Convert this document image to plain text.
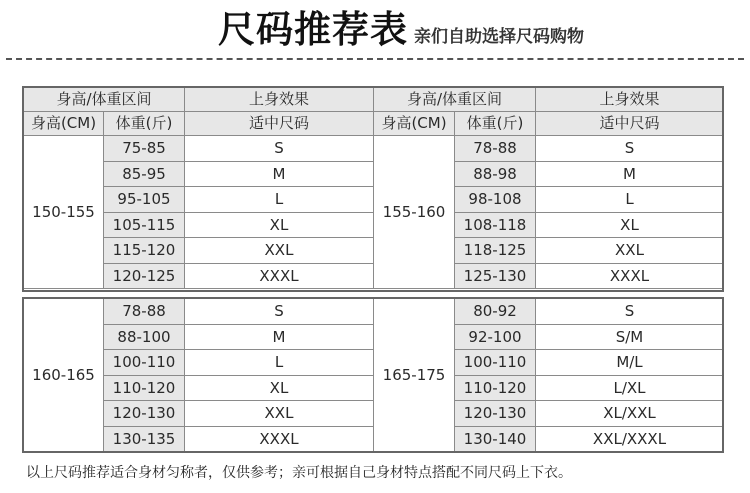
尺码推荐表 亲们自助选择尺码购物
身高/体重区间		上身效果	身高/体重区间		上身效果
身高(CM)	体重(斤)	适中尺码	身高(CM)	体重(斤)	适中尺码
150-155	75-85	S	155-160	78-88	S
	85-95	M		88-98	M
	95-105	L		98-108	L
	105-115	XL		108-118	XL
	115-120	XXL		118-125	XXL
	120-125	XXXL		125-130	XXXL
160-165	78-88	S	165-175	80-92	S
	88-100	M		92-100	S/M
	100-110	L		100-110	M/L
	110-120	XL		110-120	L/XL
	120-130	XXL		120-130	XL/XXL
	130-135	XXXL		130-140	XXL/XXXL
以上尺码推荐适合身材匀称者，仅供参考；亲可根据自己身材特点搭配不同尺码上下衣。
